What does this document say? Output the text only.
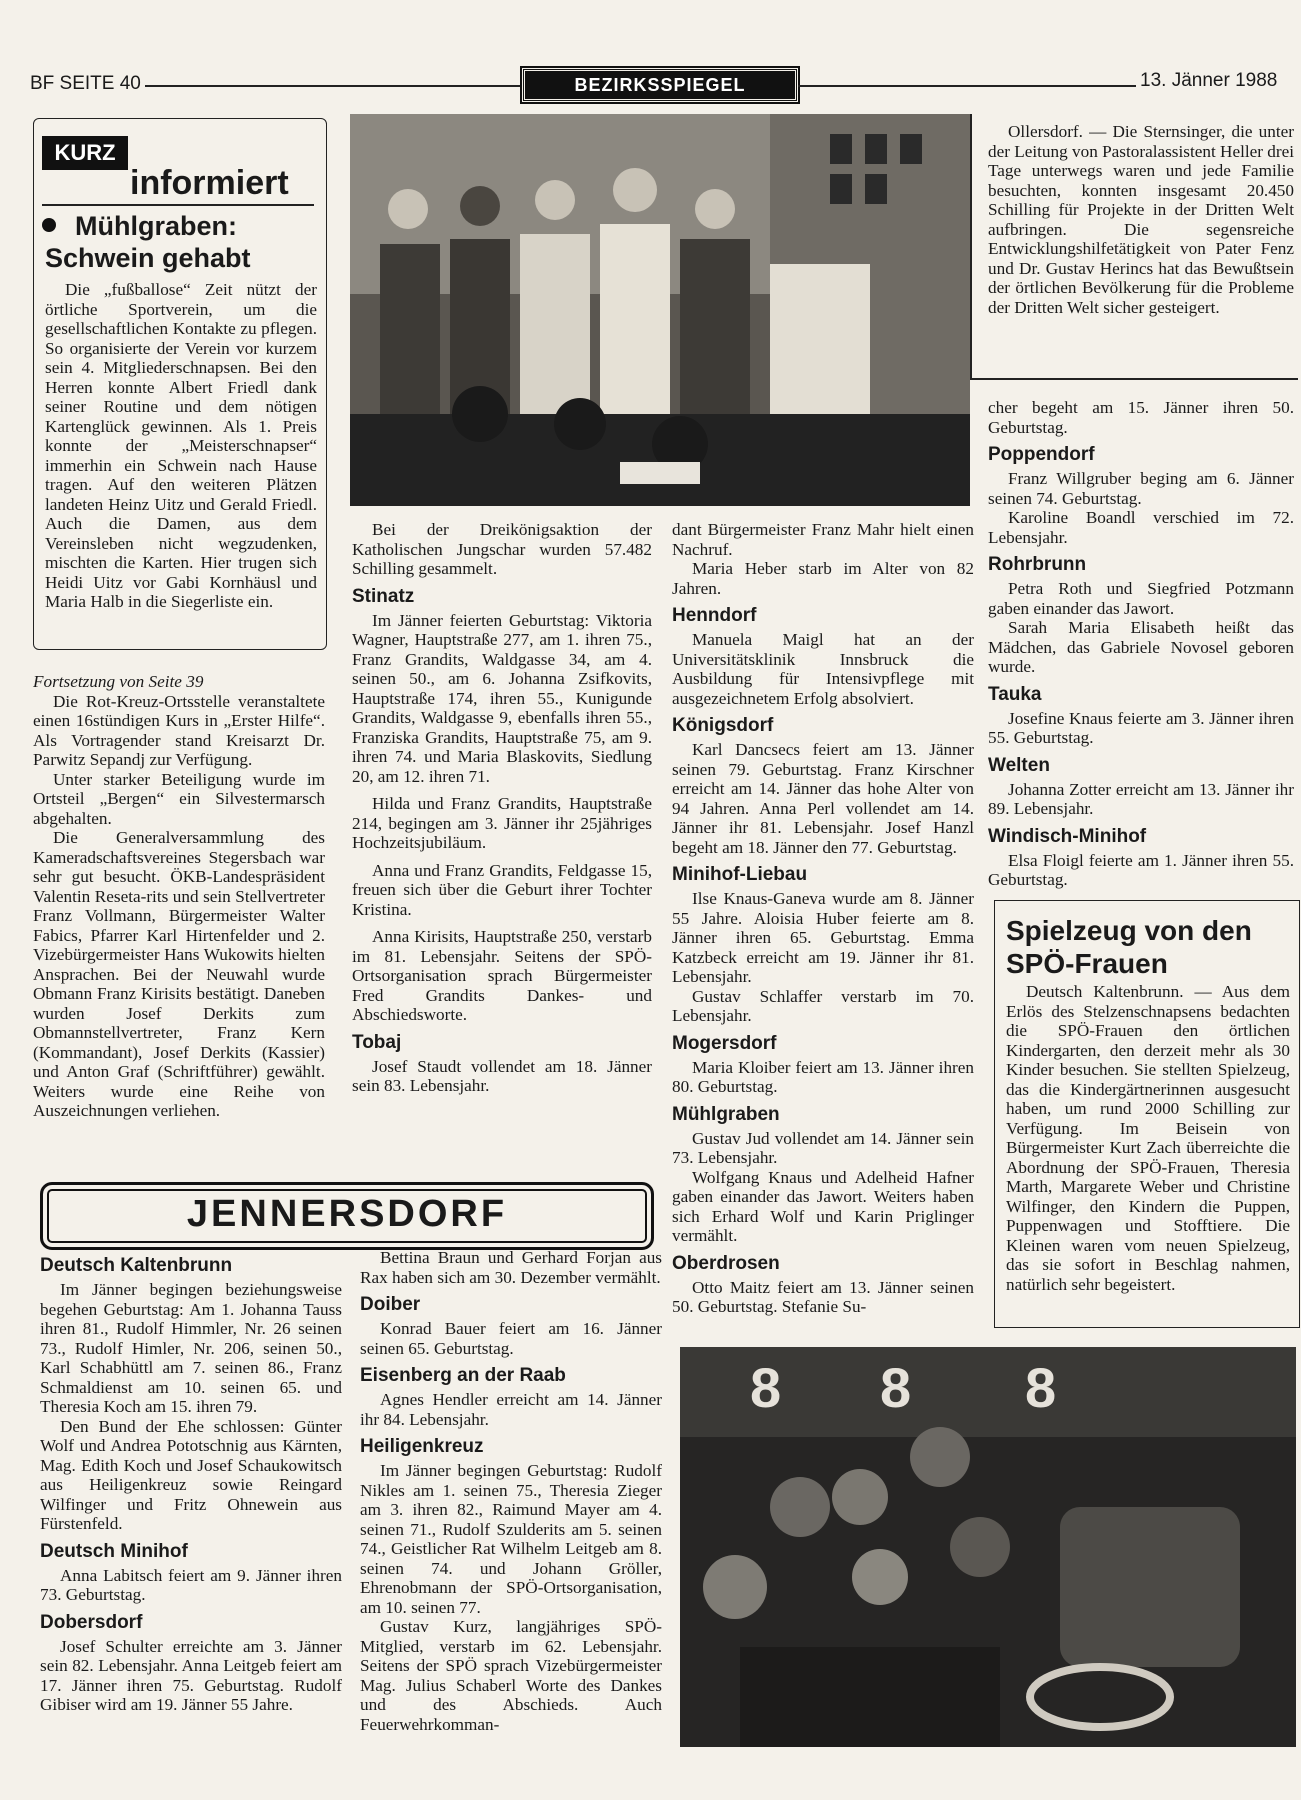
BF SEITE 40	BEZIRKSSPIEGEL	13. Jänner 1988
KURZ
informiert
Mühlgraben: Schwein gehabt

Die „fußballose“ Zeit nützt der örtliche Sportverein, um die gesellschaftlichen Kontakte zu pflegen. So organisierte der Verein vor kurzem sein 4. Mitgliederschnapsen. Bei den Herren konnte Albert Friedl dank seiner Routine und dem nötigen Kartenglück gewinnen. Als 1. Preis konnte der „Meisterschnapser“ immerhin ein Schwein nach Hause tragen. Auf den weiteren Plätzen landeten Heinz Uitz und Gerald Friedl. Auch die Damen, aus dem Vereinsleben nicht wegzudenken, mischten die Karten. Hier trugen sich Heidi Uitz vor Gabi Kornhäusl und Maria Halb in die Siegerliste ein.

Fortsetzung von Seite 39

Die Rot-Kreuz-Ortsstelle veranstaltete einen 16stündigen Kurs in „Erster Hilfe“. Als Vortragender stand Kreisarzt Dr. Parwitz Sepandj zur Verfügung.

Unter starker Beteiligung wurde im Ortsteil „Bergen“ ein Silvestermarsch abgehalten.

Die Generalversammlung des Kameradschaftsvereines Stegersbach war sehr gut besucht. ÖKB-Landespräsident Valentin Reseta-rits und sein Stellvertreter Franz Vollmann, Bürgermeister Walter Fabics, Pfarrer Karl Hirtenfelder und 2. Vizebürgermeister Hans Wukowits hielten Ansprachen. Bei der Neuwahl wurde Obmann Franz Kirisits bestätigt. Daneben wurden Josef Derkits zum Obmannstellvertreter, Franz Kern (Kommandant), Josef Derkits (Kassier) und Anton Graf (Schriftführer) gewählt. Weiters wurde eine Reihe von Auszeichnungen verliehen.

Bei der Dreikönigsaktion der Katholischen Jungschar wurden 57.482 Schilling gesammelt.

Stinatz

Im Jänner feierten Geburtstag: Viktoria Wagner, Hauptstraße 277, am 1. ihren 75., Franz Grandits, Waldgasse 34, am 4. seinen 50., am 6. Johanna Zsifkovits, Hauptstraße 174, ihren 55., Kunigunde Grandits, Waldgasse 9, ebenfalls ihren 55., Franziska Grandits, Hauptstraße 75, am 9. ihren 74. und Maria Blaskovits, Siedlung 20, am 12. ihren 71.

Hilda und Franz Grandits, Hauptstraße 214, begingen am 3. Jänner ihr 25jähriges Hochzeitsjubiläum.

Anna und Franz Grandits, Feldgasse 15, freuen sich über die Geburt ihrer Tochter Kristina.

Anna Kirisits, Hauptstraße 250, verstarb im 81. Lebensjahr. Seitens der SPÖ-Ortsorganisation sprach Bürgermeister Fred Grandits Dankes- und Abschiedsworte.

Tobaj

Josef Staudt vollendet am 18. Jänner sein 83. Lebensjahr.

dant Bürgermeister Franz Mahr hielt einen Nachruf.

Maria Heber starb im Alter von 82 Jahren.

Henndorf

Manuela Maigl hat an der Universitätsklinik Innsbruck die Ausbildung für Intensivpflege mit ausgezeichnetem Erfolg absolviert.

Königsdorf

Karl Dancsecs feiert am 13. Jänner seinen 79. Geburtstag. Franz Kirschner erreicht am 14. Jänner das hohe Alter von 94 Jahren. Anna Perl vollendet am 14. Jänner ihr 81. Lebensjahr. Josef Hanzl begeht am 18. Jänner den 77. Geburtstag.

Minihof-Liebau

Ilse Knaus-Ganeva wurde am 8. Jänner 55 Jahre. Aloisia Huber feierte am 8. Jänner ihren 65. Geburtstag. Emma Katzbeck erreicht am 19. Jänner ihr 81. Lebensjahr.

Gustav Schlaffer verstarb im 70. Lebensjahr.

Mogersdorf

Maria Kloiber feiert am 13. Jänner ihren 80. Geburtstag.

Mühlgraben

Gustav Jud vollendet am 14. Jänner sein 73. Lebensjahr.

Wolfgang Knaus und Adelheid Hafner gaben einander das Jawort. Weiters haben sich Erhard Wolf und Karin Priglinger vermählt.

Oberdrosen

Otto Maitz feiert am 13. Jänner seinen 50. Geburtstag. Stefanie Su-

Ollersdorf. — Die Sternsinger, die unter der Leitung von Pastoralassistent Heller drei Tage unterwegs waren und jede Familie besuchten, konnten insgesamt 20.450 Schilling für Projekte in der Dritten Welt aufbringen. Die segensreiche Entwicklungshilfetätigkeit von Pater Fenz und Dr. Gustav Herincs hat das Bewußtsein der örtlichen Bevölkerung für die Probleme der Dritten Welt sicher gesteigert.

cher begeht am 15. Jänner ihren 50. Geburtstag.

Poppendorf

Franz Willgruber beging am 6. Jänner seinen 74. Geburtstag.

Karoline Boandl verschied im 72. Lebensjahr.

Rohrbrunn

Petra Roth und Siegfried Potzmann gaben einander das Jawort.

Sarah Maria Elisabeth heißt das Mädchen, das Gabriele Novosel geboren wurde.

Tauka

Josefine Knaus feierte am 3. Jänner ihren 55. Geburtstag.

Welten

Johanna Zotter erreicht am 13. Jänner ihr 89. Lebensjahr.

Windisch-Minihof

Elsa Floigl feierte am 1. Jänner ihren 55. Geburtstag.

Spielzeug von den SPÖ-Frauen

Deutsch Kaltenbrunn. — Aus dem Erlös des Stelzenschnapsens bedachten die SPÖ-Frauen den örtlichen Kindergarten, den derzeit mehr als 30 Kinder besuchen. Sie stellten Spielzeug, das die Kindergärtnerinnen ausgesucht haben, um rund 2000 Schilling zur Verfügung. Im Beisein von Bürgermeister Kurt Zach überreichte die Abordnung der SPÖ-Frauen, Theresia Marth, Margarete Weber und Christine Wilfinger, den Kindern die Puppen, Puppenwagen und Stofftiere. Die Kleinen waren vom neuen Spielzeug, das sie sofort in Beschlag nahmen, natürlich sehr begeistert.

JENNERSDORF
Deutsch Kaltenbrunn

Im Jänner begingen beziehungsweise begehen Geburtstag: Am 1. Johanna Tauss ihren 81., Rudolf Himmler, Nr. 26 seinen 73., Rudolf Himler, Nr. 206, seinen 50., Karl Schabhüttl am 7. seinen 86., Franz Schmaldienst am 10. seinen 65. und Theresia Koch am 15. ihren 79.

Den Bund der Ehe schlossen: Günter Wolf und Andrea Pototschnig aus Kärnten, Mag. Edith Koch und Josef Schaukowitsch aus Heiligenkreuz sowie Reingard Wilfinger und Fritz Ohnewein aus Fürstenfeld.

Deutsch Minihof

Anna Labitsch feiert am 9. Jänner ihren 73. Geburtstag.

Dobersdorf

Josef Schulter erreichte am 3. Jänner sein 82. Lebensjahr. Anna Leitgeb feiert am 17. Jänner ihren 75. Geburtstag. Rudolf Gibiser wird am 19. Jänner 55 Jahre.

Bettina Braun und Gerhard Forjan aus Rax haben sich am 30. Dezember vermählt.

Doiber

Konrad Bauer feiert am 16. Jänner seinen 65. Geburtstag.

Eisenberg an der Raab

Agnes Hendler erreicht am 14. Jänner ihr 84. Lebensjahr.

Heiligenkreuz

Im Jänner begingen Geburtstag: Rudolf Nikles am 1. seinen 75., Theresia Zieger am 3. ihren 82., Raimund Mayer am 4. seinen 71., Rudolf Szulderits am 5. seinen 74., Geistlicher Rat Wilhelm Leitgeb am 8. seinen 74. und Johann Gröller, Ehrenobmann der SPÖ-Ortsorganisation, am 10. seinen 77.

Gustav Kurz, langjähriges SPÖ-Mitglied, verstarb im 62. Lebensjahr. Seitens der SPÖ sprach Vizebürgermeister Mag. Julius Schaberl Worte des Dankes und des Abschieds. Auch Feuerwehrkomman-

8 8 8
